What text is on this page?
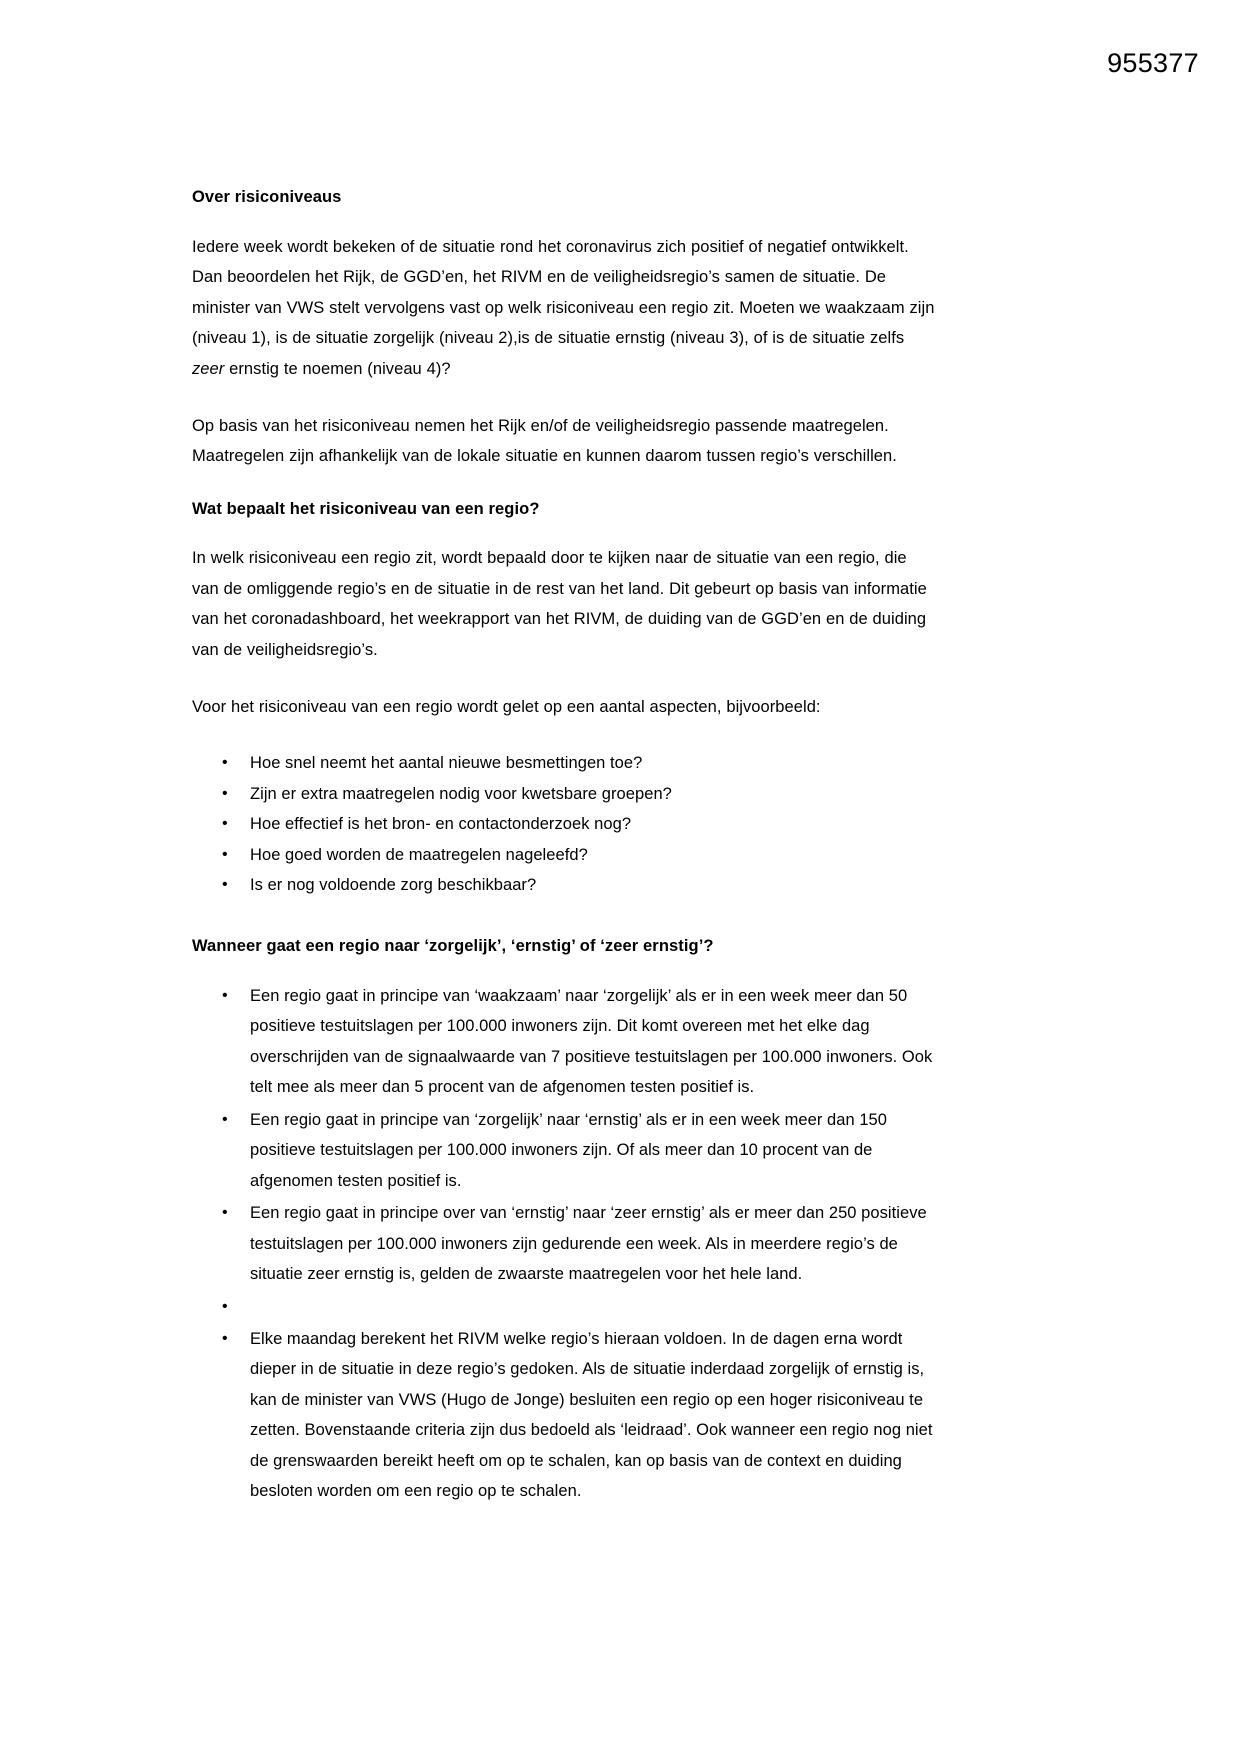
955377
Over risiconiveaus

Iedere week wordt bekeken of de situatie rond het coronavirus zich positief of negatief ontwikkelt. Dan beoordelen het Rijk, de GGD’en, het RIVM en de veiligheidsregio’s samen de situatie. De minister van VWS stelt vervolgens vast op welk risiconiveau een regio zit. Moeten we waakzaam zijn (niveau 1), is de situatie zorgelijk (niveau 2),is de situatie ernstig (niveau 3), of is de situatie zelfs zeer ernstig te noemen (niveau 4)?

Op basis van het risiconiveau nemen het Rijk en/of de veiligheidsregio passende maatregelen. Maatregelen zijn afhankelijk van de lokale situatie en kunnen daarom tussen regio’s verschillen.

Wat bepaalt het risiconiveau van een regio?

In welk risiconiveau een regio zit, wordt bepaald door te kijken naar de situatie van een regio, die van de omliggende regio’s en de situatie in de rest van het land. Dit gebeurt op basis van informatie van het coronadashboard, het weekrapport van het RIVM, de duiding van de GGD’en en de duiding van de veiligheidsregio’s.

Voor het risiconiveau van een regio wordt gelet op een aantal aspecten, bijvoorbeeld:

• Hoe snel neemt het aantal nieuwe besmettingen toe?
• Zijn er extra maatregelen nodig voor kwetsbare groepen?
• Hoe effectief is het bron- en contactonderzoek nog?
• Hoe goed worden de maatregelen nageleefd?
• Is er nog voldoende zorg beschikbaar?
Wanneer gaat een regio naar ‘zorgelijk’, ‘ernstig’ of ‘zeer ernstig’?
• Een regio gaat in principe van ‘waakzaam’ naar ‘zorgelijk’ als er in een week meer dan 50 positieve testuitslagen per 100.000 inwoners zijn. Dit komt overeen met het elke dag overschrijden van de signaalwaarde van 7 positieve testuitslagen per 100.000 inwoners. Ook telt mee als meer dan 5 procent van de afgenomen testen positief is.
• Een regio gaat in principe van ‘zorgelijk’ naar ‘ernstig’ als er in een week meer dan 150 positieve testuitslagen per 100.000 inwoners zijn. Of als meer dan 10 procent van de afgenomen testen positief is.
• Een regio gaat in principe over van ‘ernstig’ naar ‘zeer ernstig’ als er meer dan 250 positieve testuitslagen per 100.000 inwoners zijn gedurende een week. Als in meerdere regio’s de situatie zeer ernstig is, gelden de zwaarste maatregelen voor het hele land.
•
• Elke maandag berekent het RIVM welke regio’s hieraan voldoen. In de dagen erna wordt dieper in de situatie in deze regio’s gedoken. Als de situatie inderdaad zorgelijk of ernstig is, kan de minister van VWS (Hugo de Jonge) besluiten een regio op een hoger risiconiveau te zetten. Bovenstaande criteria zijn dus bedoeld als ‘leidraad’. Ook wanneer een regio nog niet de grenswaarden bereikt heeft om op te schalen, kan op basis van de context en duiding besloten worden om een regio op te schalen.
